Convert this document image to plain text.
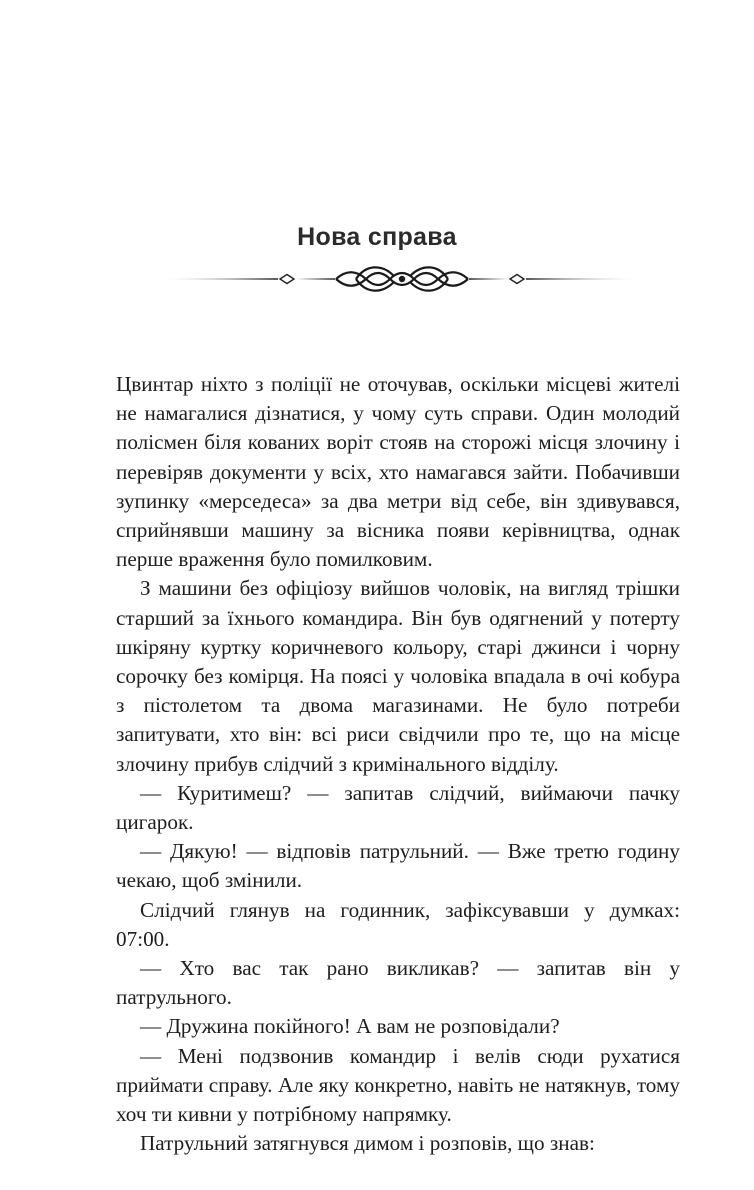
Нова справа

Цвинтар ніхто з поліції не оточував, оскільки місцеві жителі не намагалися дізнатися, у чому суть справи. Один молодий полісмен біля кованих воріт стояв на сторожі місця злочину і перевіряв документи у всіх, хто намагався зайти. Побачивши зупинку «мерседеса» за два метри від себе, він здивувався, сприйнявши машину за вісника появи керівництва, однак перше враження було помилковим.

З машини без офіціозу вийшов чоловік, на вигляд трішки старший за їхнього командира. Він був одягнений у потерту шкіряну куртку коричневого кольору, старі джинси і чорну сорочку без комірця. На поясі у чоловіка впадала в очі кобура з пістолетом та двома магазинами. Не було потреби запитувати, хто він: всі риси свідчили про те, що на місце злочину прибув слідчий з кримінального відділу.

— Куритимеш? — запитав слідчий, виймаючи пачку цигарок.

— Дякую! — відповів патрульний. — Вже третю годину чекаю, щоб змінили.

Слідчий глянув на годинник, зафіксувавши у думках: 07:00.

— Хто вас так рано викликав? — запитав він у патрульного.

— Дружина покійного! А вам не розповідали?

— Мені подзвонив командир і велів сюди рухатися приймати справу. Але яку конкретно, навіть не натякнув, тому хоч ти кивни у потрібному напрямку.

Патрульний затягнувся димом і розповів, що знав:
